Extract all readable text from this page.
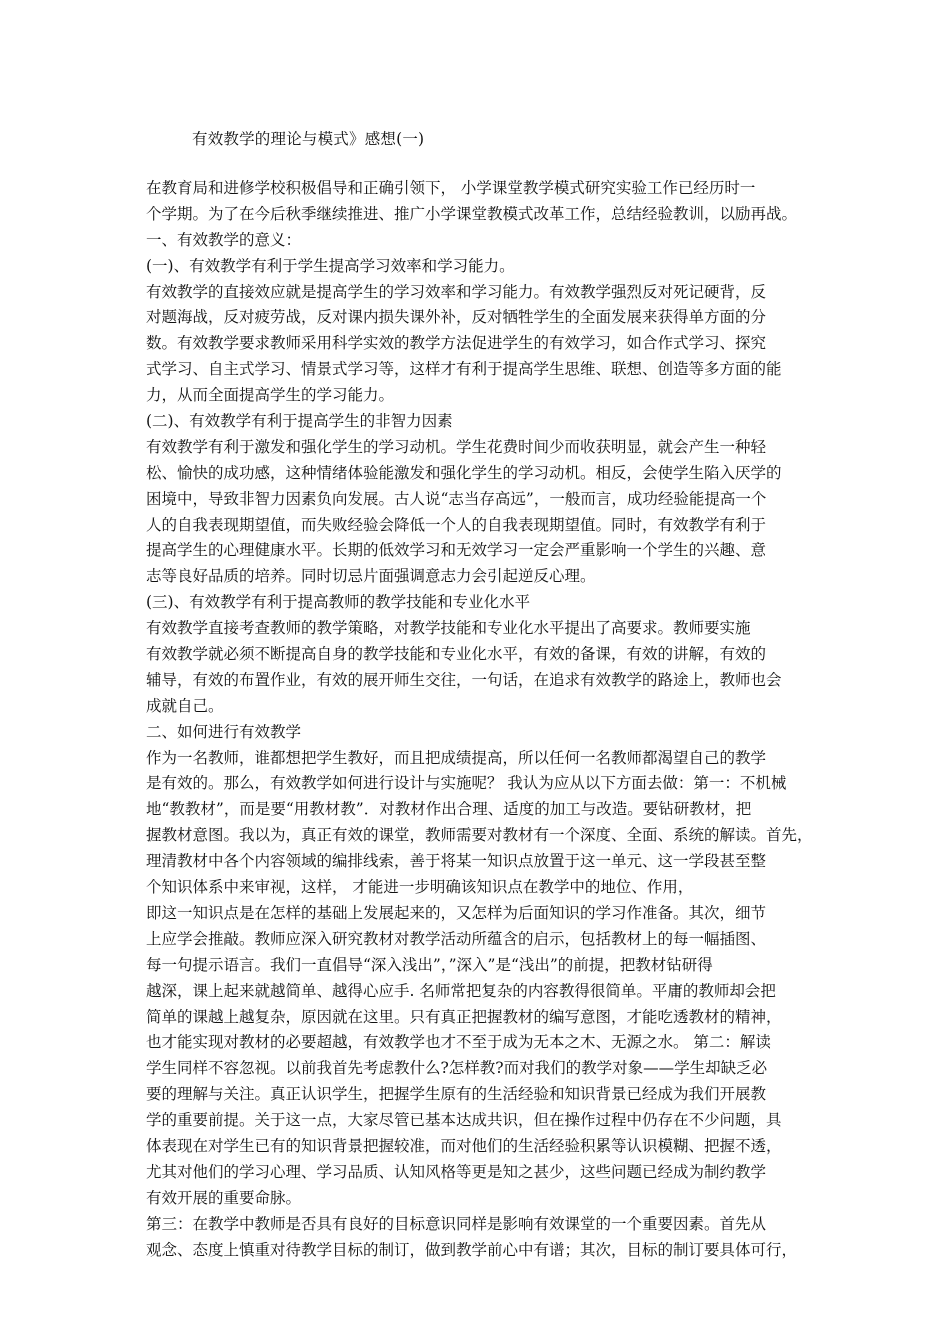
有效教学的理论与模式》感想(一)
在教育局和进修学校积极倡导和正确引领下， 小学课堂教学模式研究实验工作已经历时一
个学期。为了在今后秋季继续推进、推广小学课堂教模式改革工作，总结经验教训，以励再战。
一、有效教学的意义：
(一)、有效教学有利于学生提高学习效率和学习能力。
有效教学的直接效应就是提高学生的学习效率和学习能力。有效教学强烈反对死记硬背，反
对题海战，反对疲劳战，反对课内损失课外补，反对牺牲学生的全面发展来获得单方面的分
数。有效教学要求教师采用科学实效的教学方法促进学生的有效学习，如合作式学习、探究
式学习、自主式学习、情景式学习等，这样才有利于提高学生思维、联想、创造等多方面的能
力，从而全面提高学生的学习能力。
(二)、有效教学有利于提高学生的非智力因素
有效教学有利于激发和强化学生的学习动机。学生花费时间少而收获明显，就会产生一种轻
松、愉快的成功感，这种情绪体验能激发和强化学生的学习动机。相反，会使学生陷入厌学的
困境中，导致非智力因素负向发展。古人说“志当存高远”，一般而言，成功经验能提高一个
人的自我表现期望值，而失败经验会降低一个人的自我表现期望值。同时，有效教学有利于
提高学生的心理健康水平。长期的低效学习和无效学习一定会严重影响一个学生的兴趣、意
志等良好品质的培养。同时切忌片面强调意志力会引起逆反心理。
(三)、有效教学有利于提高教师的教学技能和专业化水平
有效教学直接考查教师的教学策略，对教学技能和专业化水平提出了高要求。教师要实施
有效教学就必须不断提高自身的教学技能和专业化水平，有效的备课，有效的讲解，有效的
辅导，有效的布置作业，有效的展开师生交往，一句话，在追求有效教学的路途上，教师也会
成就自己。
二、如何进行有效教学
作为一名教师，谁都想把学生教好，而且把成绩提高，所以任何一名教师都渴望自己的教学
是有效的。那么，有效教学如何进行设计与实施呢？ 我认为应从以下方面去做：第一：不机械
地“教教材”，而是要“用教材教”．对教材作出合理、适度的加工与改造。要钻研教材，把
握教材意图。我以为，真正有效的课堂，教师需要对教材有一个深度、全面、系统的解读。首先，
理清教材中各个内容领域的编排线索，善于将某一知识点放置于这一单元、这一学段甚至整
个知识体系中来审视，这样， 才能进一步明确该知识点在教学中的地位、作用，
即这一知识点是在怎样的基础上发展起来的，又怎样为后面知识的学习作准备。其次，细节
上应学会推敲。教师应深入研究教材对教学活动所蕴含的启示，包括教材上的每一幅插图、
每一句提示语言。我们一直倡导“深入浅出”，”深入”是“浅出”的前提，把教材钻研得
越深，课上起来就越简单、越得心应手. 名师常把复杂的内容教得很简单。平庸的教师却会把
简单的课越上越复杂，原因就在这里。只有真正把握教材的编写意图，才能吃透教材的精神，
也才能实现对教材的必要超越，有效教学也才不至于成为无本之木、无源之水。 第二：解读
学生同样不容忽视。以前我首先考虑教什么?怎样教?而对我们的教学对象——学生却缺乏必
要的理解与关注。真正认识学生，把握学生原有的生活经验和知识背景已经成为我们开展教
学的重要前提。关于这一点，大家尽管已基本达成共识，但在操作过程中仍存在不少问题，具
体表现在对学生已有的知识背景把握较准，而对他们的生活经验积累等认识模糊、把握不透，
尤其对他们的学习心理、学习品质、认知风格等更是知之甚少，这些问题已经成为制约教学
有效开展的重要命脉。
第三：在教学中教师是否具有良好的目标意识同样是影响有效课堂的一个重要因素。首先从
观念、态度上慎重对待教学目标的制订，做到教学前心中有谱；其次，目标的制订要具体可行，
